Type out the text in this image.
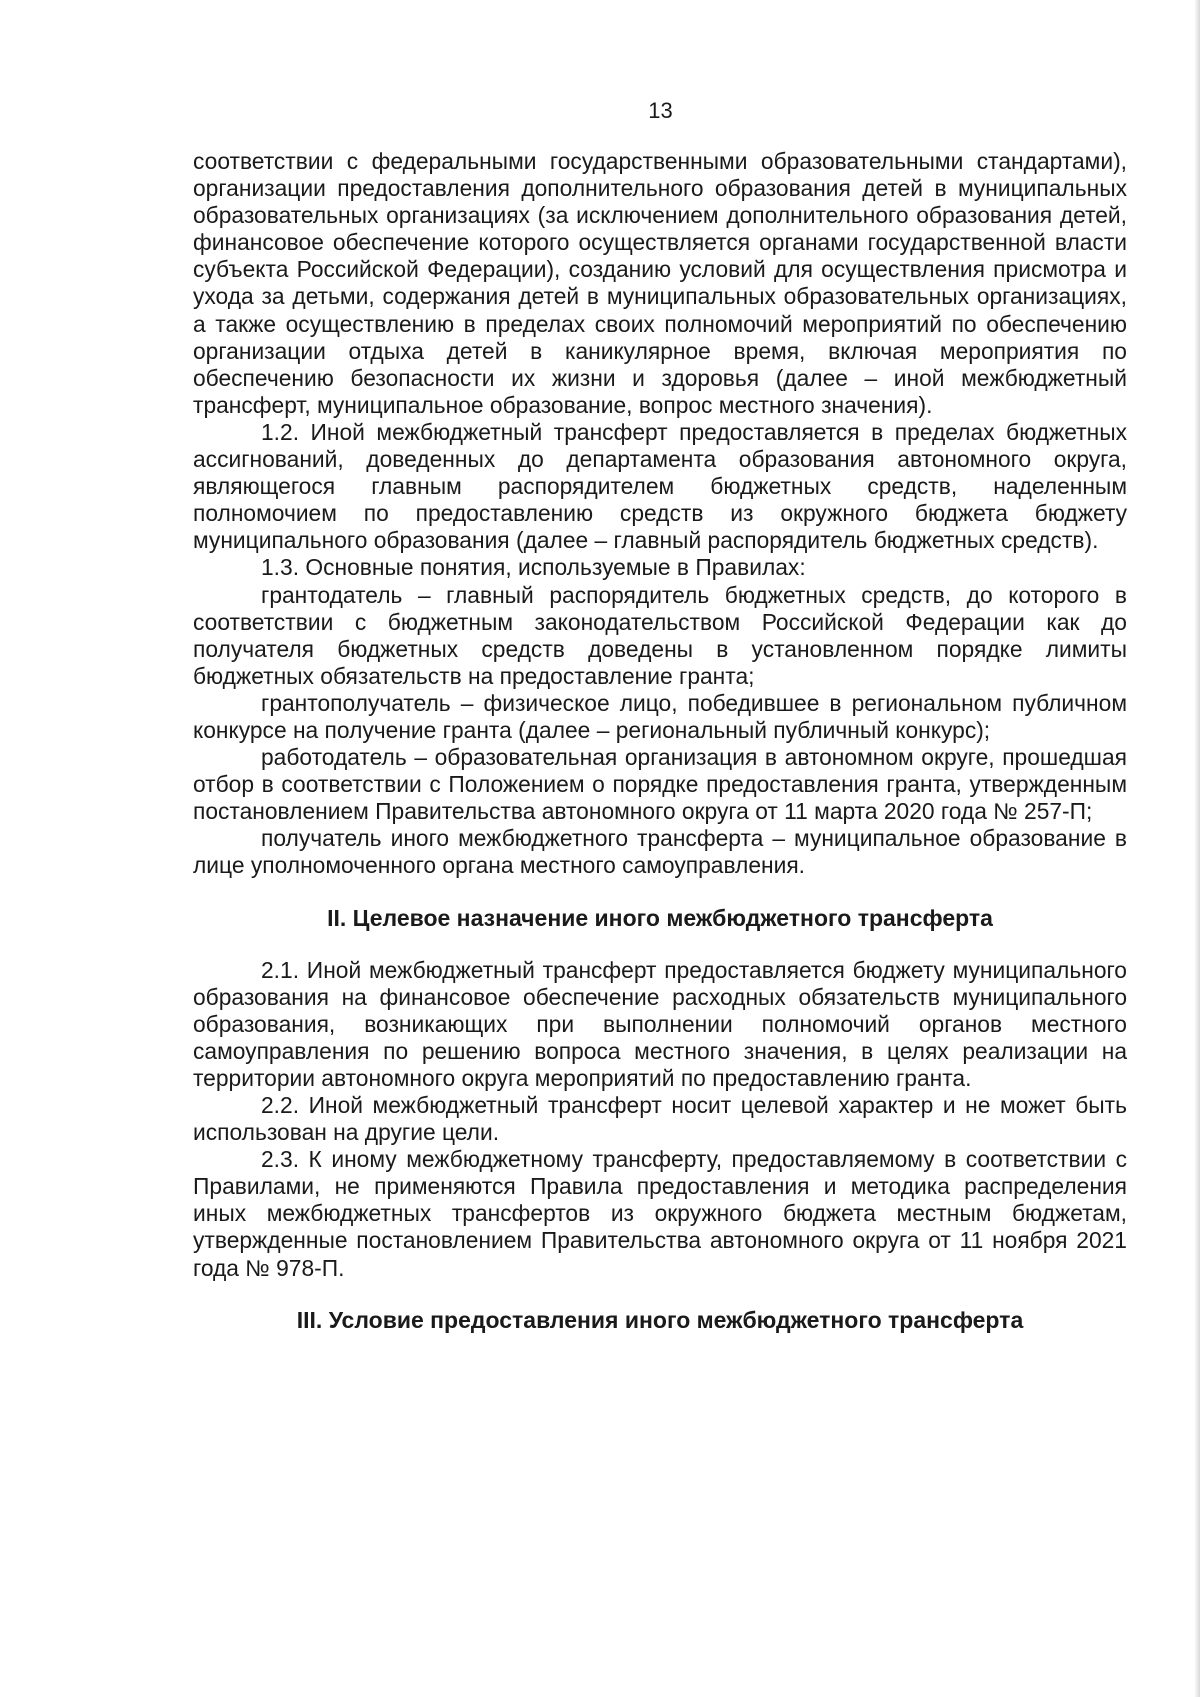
13

соответствии с федеральными государственными образовательными стандартами), организации предоставления дополнительного образования детей в муниципальных образовательных организациях (за исключением дополнительного образования детей, финансовое обеспечение которого осуществляется органами государственной власти субъекта Российской Федерации), созданию условий для осуществления присмотра и ухода за детьми, содержания детей в муниципальных образовательных организациях, а также осуществлению в пределах своих полномочий мероприятий по обеспечению организации отдыха детей в каникулярное время, включая мероприятия по обеспечению безопасности их жизни и здоровья (далее – иной межбюджетный трансферт, муниципальное образование, вопрос местного значения).

1.2. Иной межбюджетный трансферт предоставляется в пределах бюджетных ассигнований, доведенных до департамента образования автономного округа, являющегося главным распорядителем бюджетных средств, наделенным полномочием по предоставлению средств из окружного бюджета бюджету муниципального образования (далее – главный распорядитель бюджетных средств).

1.3. Основные понятия, используемые в Правилах:

грантодатель – главный распорядитель бюджетных средств, до которого в соответствии с бюджетным законодательством Российской Федерации как до получателя бюджетных средств доведены в установленном порядке лимиты бюджетных обязательств на предоставление гранта;

грантополучатель – физическое лицо, победившее в региональном публичном конкурсе на получение гранта (далее – региональный публичный конкурс);

работодатель – образовательная организация в автономном округе, прошедшая отбор в соответствии с Положением о порядке предоставления гранта, утвержденным постановлением Правительства автономного округа от 11 марта 2020 года № 257-П;

получатель иного межбюджетного трансферта – муниципальное образование в лице уполномоченного органа местного самоуправления.

II. Целевое назначение иного межбюджетного трансферта

2.1. Иной межбюджетный трансферт предоставляется бюджету муниципального образования на финансовое обеспечение расходных обязательств муниципального образования, возникающих при выполнении полномочий органов местного самоуправления по решению вопроса местного значения, в целях реализации на территории автономного округа мероприятий по предоставлению гранта.

2.2. Иной межбюджетный трансферт носит целевой характер и не может быть использован на другие цели.

2.3. К иному межбюджетному трансферту, предоставляемому в соответствии с Правилами, не применяются Правила предоставления и методика распределения иных межбюджетных трансфертов из окружного бюджета местным бюджетам, утвержденные постановлением Правительства автономного округа от 11 ноября 2021 года № 978-П.

III. Условие предоставления иного межбюджетного трансферта
